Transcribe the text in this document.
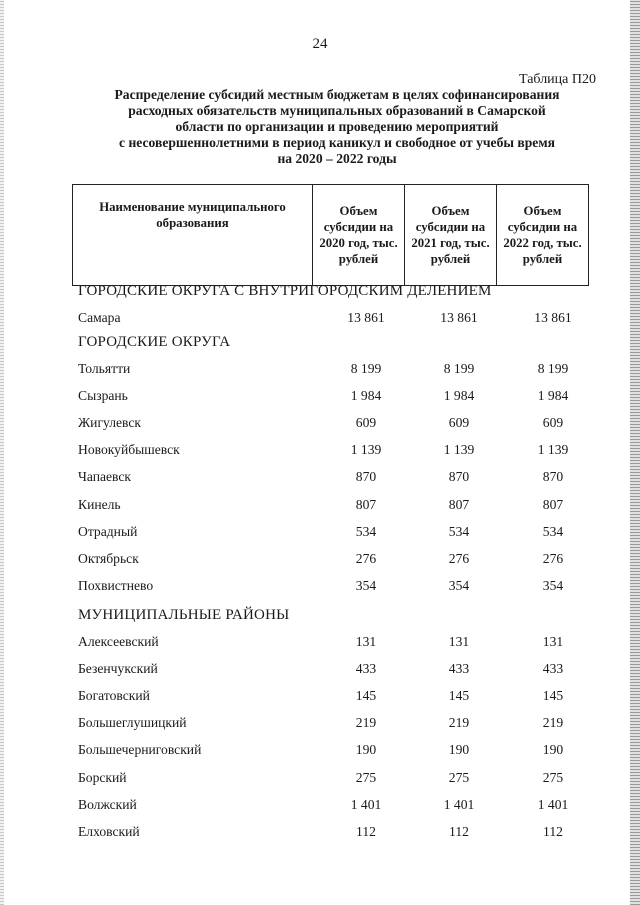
24
Таблица П20
Распределение субсидий местным бюджетам в целях софинансирования
расходных обязательств муниципальных образований в Самарской
области по организации и проведению мероприятий
с несовершеннолетними в период каникул и свободное от учебы время
на 2020 – 2022 годы
Наименование муниципального образования	Объем субсидии на 2020 год, тыс. рублей	Объем субсидии на 2021 год, тыс. рублей	Объем субсидии на 2022 год, тыс. рублей
ГОРОДСКИЕ ОКРУГА С ВНУТРИГОРОДСКИМ ДЕЛЕНИЕМ
Самара	13 861	13 861	13 861
ГОРОДСКИЕ ОКРУГА
Тольятти	8 199	8 199	8 199
Сызрань	1 984	1 984	1 984
Жигулевск	609	609	609
Новокуйбышевск	1 139	1 139	1 139
Чапаевск	870	870	870
Кинель	807	807	807
Отрадный	534	534	534
Октябрьск	276	276	276
Похвистнево	354	354	354
МУНИЦИПАЛЬНЫЕ РАЙОНЫ
Алексеевский	131	131	131
Безенчукский	433	433	433
Богатовский	145	145	145
Большеглушицкий	219	219	219
Большечерниговский	190	190	190
Борский	275	275	275
Волжский	1 401	1 401	1 401
Елховский	112	112	112
